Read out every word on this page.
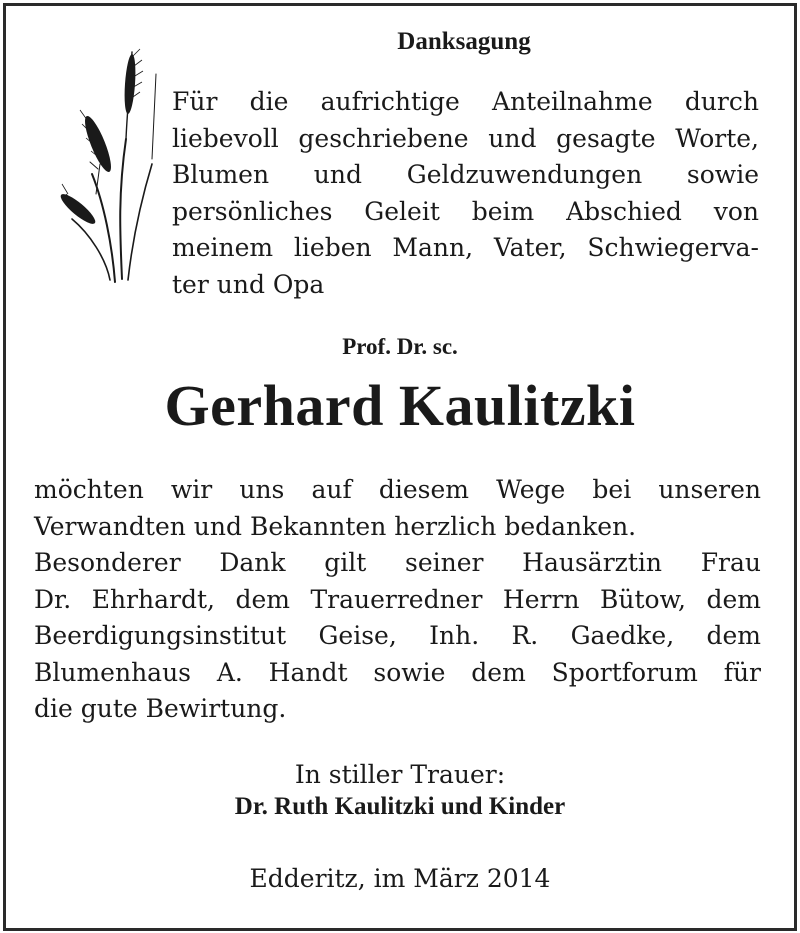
Danksagung
Für die aufrichtige Anteilnahme durch
liebevoll geschriebene und gesagte Worte,
Blumen und Geldzuwendungen sowie
persönliches Geleit beim Abschied von
meinem lieben Mann, Vater, Schwiegerva-
ter und Opa
Prof. Dr. sc.
Gerhard Kaulitzki
möchten wir uns auf diesem Wege bei unseren
Verwandten und Bekannten herzlich bedanken.
Besonderer Dank gilt seiner Hausärztin Frau
Dr. Ehrhardt, dem Trauerredner Herrn Bütow, dem
Beerdigungsinstitut Geise, Inh. R. Gaedke, dem
Blumenhaus A. Handt sowie dem Sportforum für
die gute Bewirtung.
In stiller Trauer:
Dr. Ruth Kaulitzki und Kinder
Edderitz, im März 2014
